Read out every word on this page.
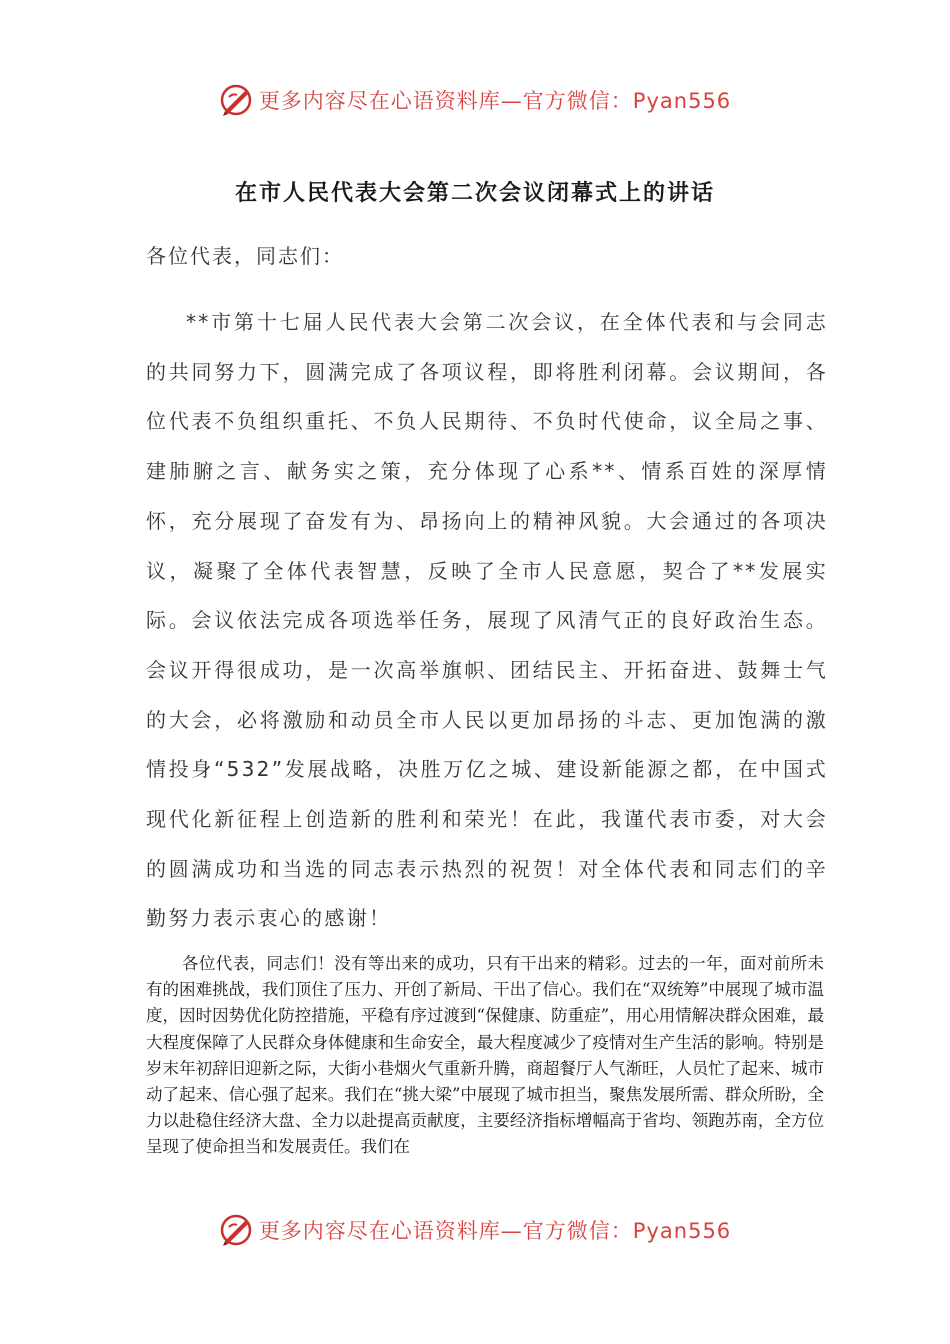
更多内容尽在心语资料库—官方微信：Pyan556
在市人民代表大会第二次会议闭幕式上的讲话
各位代表，同志们：

**市第十七届人民代表大会第二次会议，在全体代表和与会同志的共同努力下，圆满完成了各项议程，即将胜利闭幕。会议期间，各位代表不负组织重托、不负人民期待、不负时代使命，议全局之事、建肺腑之言、献务实之策，充分体现了心系**、情系百姓的深厚情怀，充分展现了奋发有为、昂扬向上的精神风貌。大会通过的各项决议，凝聚了全体代表智慧，反映了全市人民意愿，契合了**发展实际。会议依法完成各项选举任务，展现了风清气正的良好政治生态。会议开得很成功，是一次高举旗帜、团结民主、开拓奋进、鼓舞士气的大会，必将激励和动员全市人民以更加昂扬的斗志、更加饱满的激情投身“532”发展战略，决胜万亿之城、建设新能源之都，在中国式现代化新征程上创造新的胜利和荣光！在此，我谨代表市委，对大会的圆满成功和当选的同志表示热烈的祝贺！对全体代表和同志们的辛勤努力表示衷心的感谢！

各位代表，同志们！没有等出来的成功，只有干出来的精彩。过去的一年，面对前所未有的困难挑战，我们顶住了压力、开创了新局、干出了信心。我们在“双统筹”中展现了城市温度，因时因势优化防控措施，平稳有序过渡到“保健康、防重症”，用心用情解决群众困难，最大程度保障了人民群众身体健康和生命安全，最大程度减少了疫情对生产生活的影响。特别是岁末年初辞旧迎新之际，大街小巷烟火气重新升腾，商超餐厅人气渐旺，人员忙了起来、城市动了起来、信心强了起来。我们在“挑大梁”中展现了城市担当，聚焦发展所需、群众所盼，全力以赴稳住经济大盘、全力以赴提高贡献度，主要经济指标增幅高于省均、领跑苏南，全方位呈现了使命担当和发展责任。我们在

更多内容尽在心语资料库—官方微信：Pyan556
